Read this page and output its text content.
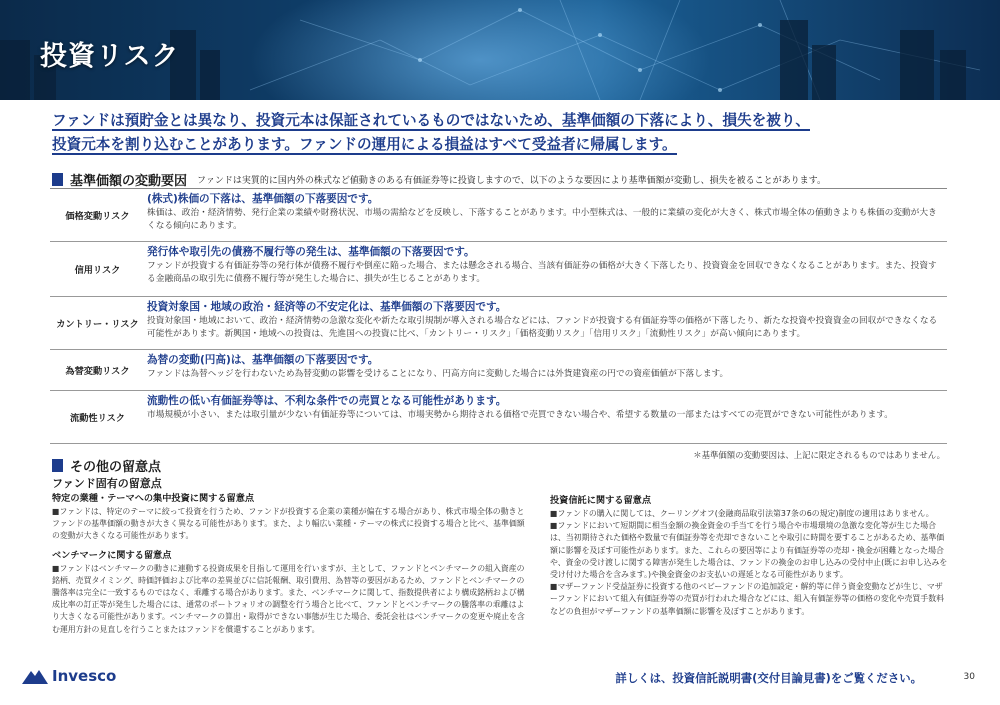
投資リスク
ファンドは預貯金とは異なり、投資元本は保証されているものではないため、基準価額の下落により、損失を被り、
投資元本を割り込むことがあります。ファンドの運用による損益はすべて受益者に帰属します。
基準価額の変動要因 ファンドは実質的に国内外の株式など値動きのある有価証券等に投資しますので、以下のような要因により基準価額が変動し、損失を被ることがあります。
価格変動リスク
(株式)株価の下落は、基準価額の下落要因です。
株価は、政治・経済情勢、発行企業の業績や財務状況、市場の需給などを反映し、下落することがあります。中小型株式は、一般的に業績の変化が大きく、株式市場全体の値動きよりも株価の変動が大きくなる傾向にあります。
信用リスク
発行体や取引先の債務不履行等の発生は、基準価額の下落要因です。
ファンドが投資する有価証券等の発行体が債務不履行や倒産に陥った場合、または懸念される場合、当該有価証券の価格が大きく下落したり、投資資金を回収できなくなることがあります。また、投資する金融商品の取引先に債務不履行等が発生した場合に、損失が生じることがあります。
カントリー・リスク
投資対象国・地域の政治・経済等の不安定化は、基準価額の下落要因です。
投資対象国・地域において、政治・経済情勢の急激な変化や新たな取引規制が導入される場合などには、ファンドが投資する有価証券等の価格が下落したり、新たな投資や投資資金の回収ができなくなる可能性があります。新興国・地域への投資は、先進国への投資に比べ、「カントリー・リスク」「価格変動リスク」「信用リスク」「流動性リスク」が高い傾向にあります。
為替変動リスク
為替の変動(円高)は、基準価額の下落要因です。
ファンドは為替ヘッジを行わないため為替変動の影響を受けることになり、円高方向に変動した場合には外貨建資産の円での資産価値が下落します。
流動性リスク
流動性の低い有価証券等は、不利な条件での売買となる可能性があります。
市場規模が小さい、または取引量が少ない有価証券等については、市場実勢から期待される価格で売買できない場合や、希望する数量の一部またはすべての売買ができない可能性があります。
＊基準価額の変動要因は、上記に限定されるものではありません。
その他の留意点
ファンド固有の留意点
特定の業種・テーマへの集中投資に関する留意点
■ファンドは、特定のテーマに絞って投資を行うため、ファンドが投資する企業の業種が偏在する場合があり、株式市場全体の動きとファンドの基準価額の動きが大きく異なる可能性があります。また、より幅広い業種・テーマの株式に投資する場合と比べ、基準価額の変動が大きくなる可能性があります。
ベンチマークに関する留意点
■ファンドはベンチマークの動きに連動する投資成果を目指して運用を行いますが、主として、ファンドとベンチマークの組入資産の銘柄、売買タイミング、時価評価および比率の差異並びに信託報酬、取引費用、為替等の要因があるため、ファンドとベンチマークの騰落率は完全に一致するものではなく、乖離する場合があります。また、ベンチマークに関して、指数提供者により構成銘柄および構成比率の訂正等が発生した場合には、通常のポートフォリオの調整を行う場合と比べて、ファンドとベンチマークの騰落率の乖離はより大きくなる可能性があります。ベンチマークの算出・取得ができない事態が生じた場合、委託会社はベンチマークの変更や廃止を含む運用方針の見直しを行うことまたはファンドを償還することがあります。
投資信託に関する留意点
■ファンドの購入に関しては、クーリングオフ(金融商品取引法第37条の6の規定)制度の適用はありません。
■ファンドにおいて短期間に相当金額の換金資金の手当てを行う場合や市場環境の急激な変化等が生じた場合は、当初期待された価格や数量で有価証券等を売却できないことや取引に時間を要することがあるため、基準価額に影響を及ぼす可能性があります。また、これらの要因等により有価証券等の売却・換金が困難となった場合や、資金の受け渡しに関する障害が発生した場合は、ファンドの換金のお申し込みの受付中止(既にお申し込みを受け付けた場合を含みます。)や換金資金のお支払いの遅延となる可能性があります。
■マザーファンド受益証券に投資する他のベビーファンドの追加設定・解約等に伴う資金変動などが生じ、マザーファンドにおいて組入有価証券等の売買が行われた場合などには、組入有価証券等の価格の変化や売買手数料などの負担がマザーファンドの基準価額に影響を及ぼすことがあります。
Invesco	詳しくは、投資信託説明書(交付目論見書)をご覧ください。	30
